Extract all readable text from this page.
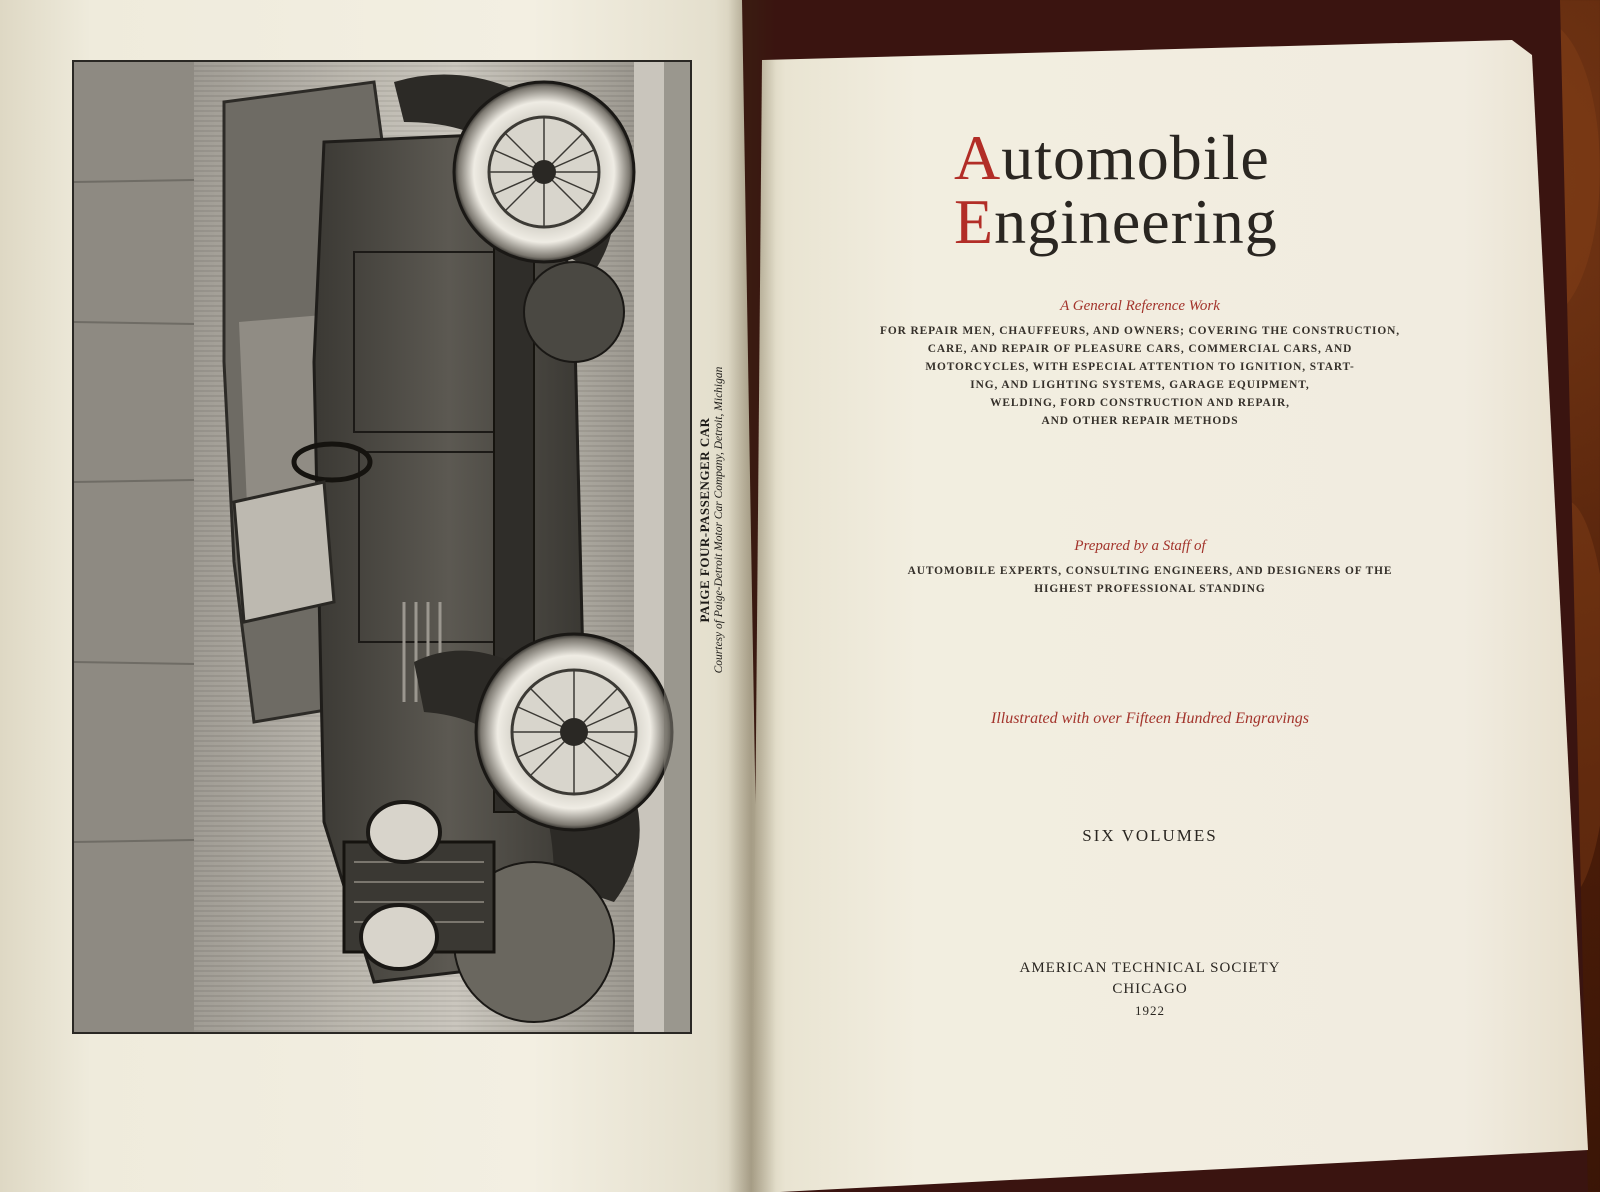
PAIGE FOUR-PASSENGER CAR Courtesy of Paige-Detroit Motor Car Company, Detroit, Michigan
Automobile
Engineering
A General Reference Work
FOR REPAIR MEN, CHAUFFEURS, AND OWNERS; COVERING THE CONSTRUCTION,
CARE, AND REPAIR OF PLEASURE CARS, COMMERCIAL CARS, AND
MOTORCYCLES, WITH ESPECIAL ATTENTION TO IGNITION, START-
ING, AND LIGHTING SYSTEMS, GARAGE EQUIPMENT,
WELDING, FORD CONSTRUCTION AND REPAIR,
AND OTHER REPAIR METHODS
Prepared by a Staff of
AUTOMOBILE EXPERTS, CONSULTING ENGINEERS, AND DESIGNERS OF THE
HIGHEST PROFESSIONAL STANDING
Illustrated with over Fifteen Hundred Engravings
SIX VOLUMES
AMERICAN TECHNICAL SOCIETY
CHICAGO
1922
